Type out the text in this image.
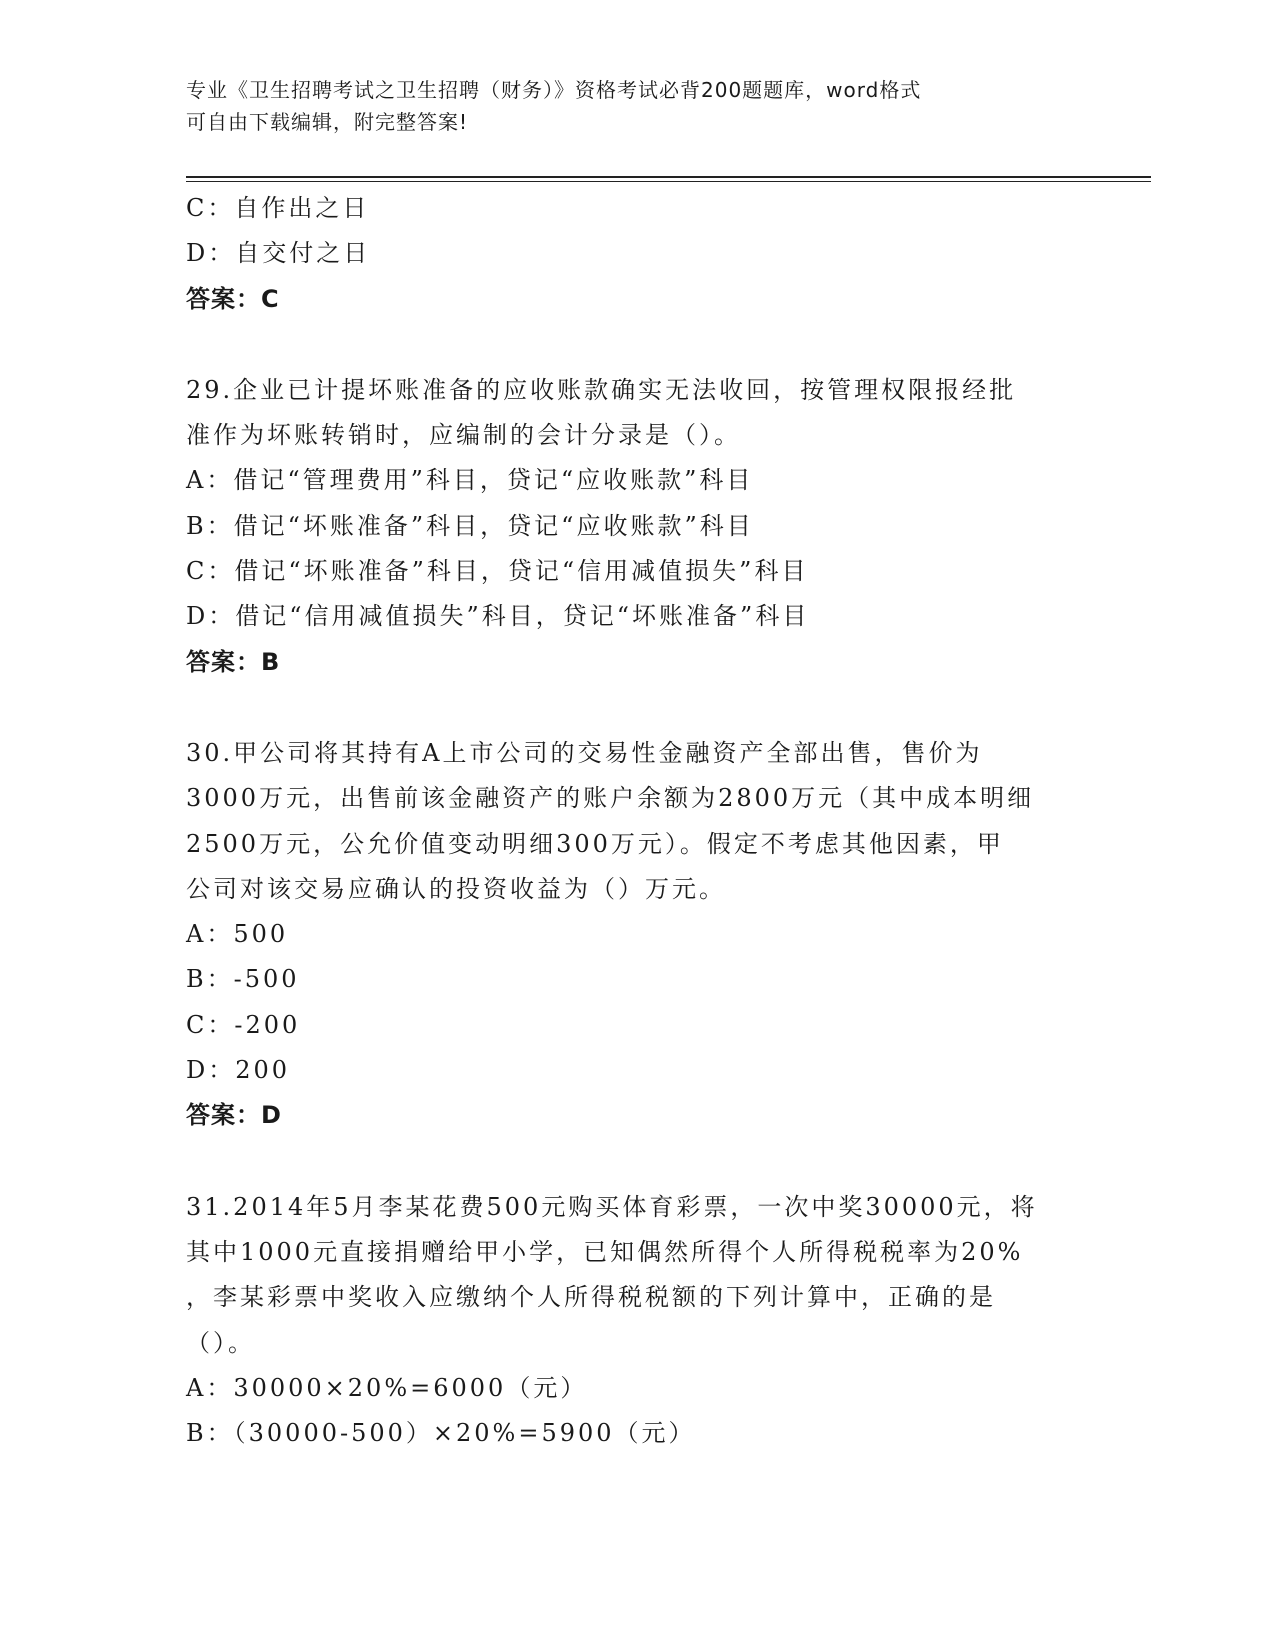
专业《卫生招聘考试之卫生招聘（财务）》资格考试必背200题题库，word格式
可自由下载编辑，附完整答案!
C：自作出之日
D：自交付之日
答案：C
29.企业已计提坏账准备的应收账款确实无法收回，按管理权限报经批
准作为坏账转销时，应编制的会计分录是（）。
A：借记“管理费用”科目，贷记“应收账款”科目
B：借记“坏账准备”科目，贷记“应收账款”科目
C：借记“坏账准备”科目，贷记“信用减值损失”科目
D：借记“信用减值损失”科目，贷记“坏账准备”科目
答案：B
30.甲公司将其持有A上市公司的交易性金融资产全部出售，售价为
3000万元，出售前该金融资产的账户余额为2800万元（其中成本明细
2500万元，公允价值变动明细300万元）。假定不考虑其他因素，甲
公司对该交易应确认的投资收益为（）万元。
A：500
B：-500
C：-200
D：200
答案：D
31.2014年5月李某花费500元购买体育彩票，一次中奖30000元，将
其中1000元直接捐赠给甲小学，已知偶然所得个人所得税税率为20%
，李某彩票中奖收入应缴纳个人所得税税额的下列计算中，正确的是
（）。
A：30000×20%=6000（元）
B：（30000-500）×20%=5900（元）
